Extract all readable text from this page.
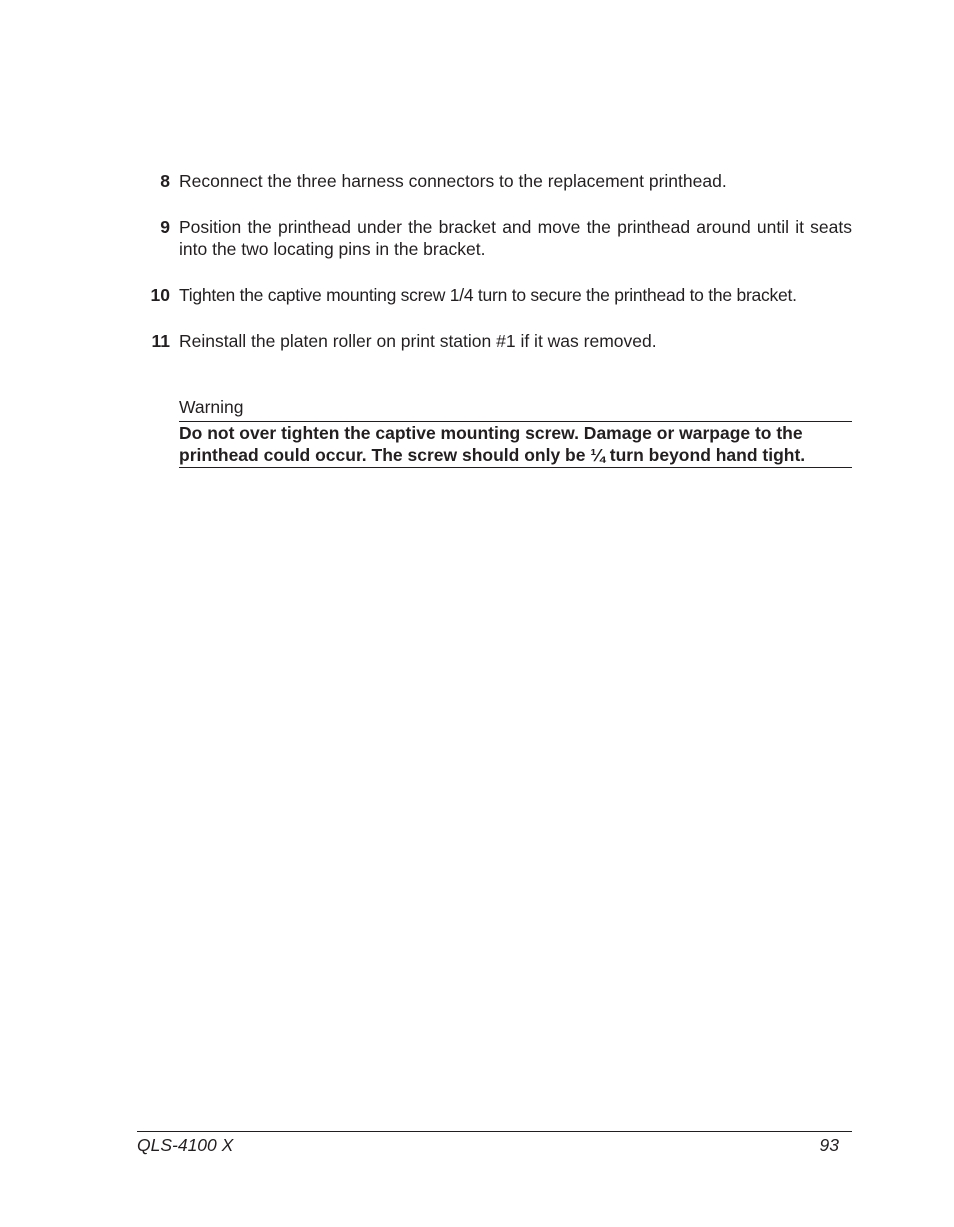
8 Reconnect the three harness connectors to the replacement printhead.
9 Position the printhead under the bracket and move the printhead around until it seats into the two locating pins in the bracket.
10 Tighten the captive mounting screw 1/4 turn to secure the printhead to the bracket.
11 Reinstall the platen roller on print station #1 if it was removed.
Warning
Do not over tighten the captive mounting screw. Damage or warpage to the printhead could occur. The screw should only be ¼ turn beyond hand tight.
QLS-4100 X	93
